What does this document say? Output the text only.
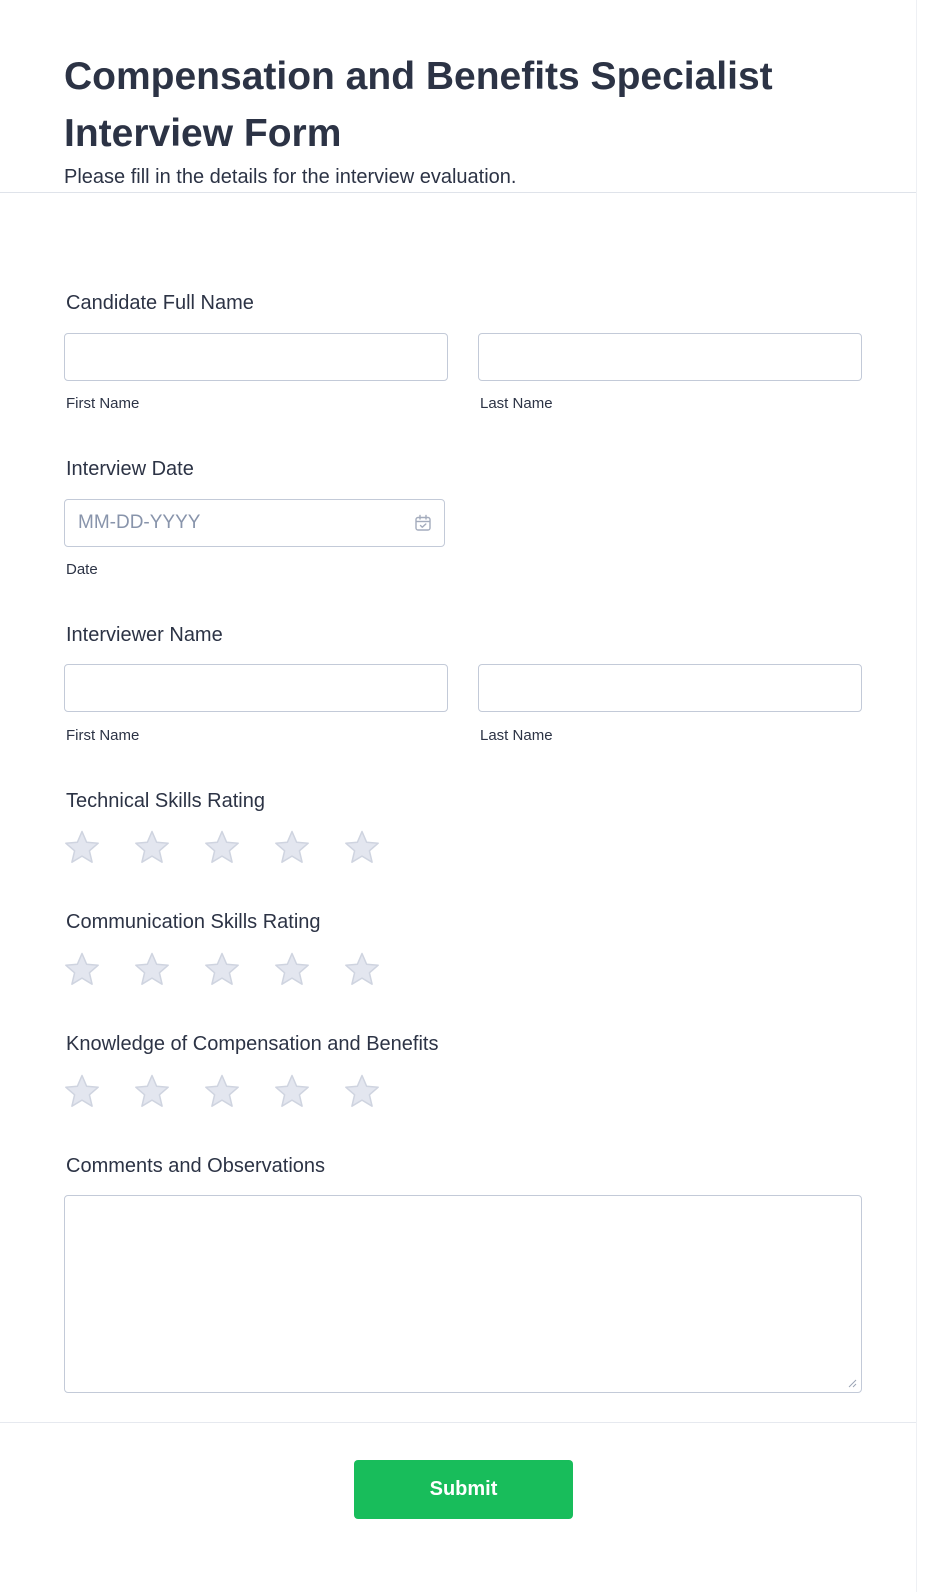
Compensation and Benefits Specialist Interview Form
Please fill in the details for the interview evaluation.
Candidate Full Name
First Name	Last Name
Interview Date
MM-DD-YYYY
Date
Interviewer Name
First Name	Last Name
Technical Skills Rating
Communication Skills Rating
Knowledge of Compensation and Benefits
Comments and Observations
Submit
